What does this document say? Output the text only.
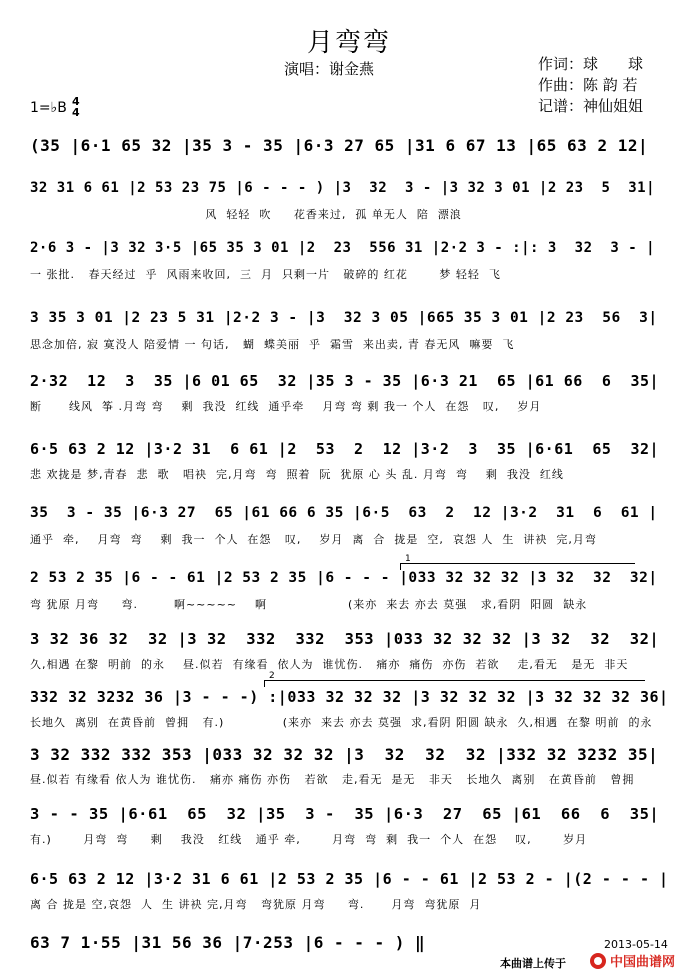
月弯弯
演唱：谢金燕	作词：球　　球
作曲：陈 韵 若
记谱：神仙姐姐
1=♭B 4
4
(35 |6·1 65 32 |35 3 - 35 |6·3 27 65 |31 6 67 13 |65 63 2 12|
32 31 6 61 |2 53 23 75 |6 - - - ) |3  32  3 - |3 32 3 01 |2 23  5  31|
风  轻轻  吹     花香来过,  孤 单无人  陪  漂浪
2·6 3 - |3 32 3·5 |65 35 3 01 |2  23  556 31 |2·2 3 - :|: 3  32  3 - |
一 张批.   春天经过  乎  风雨来收回,  三  月  只剩一片   破碎的 红花       梦 轻轻  飞
3 35 3 01 |2 23 5 31 |2·2 3 - |3  32 3 05 |665 35 3 01 |2 23  56  3|
思念加倍, 寂 寞没人 陪爱情 一 句话,   蝴  蝶美丽  乎  霜雪  来出卖, 青 春无风  嘛要  飞
2·32  12  3  35 |6 01 65  32 |35 3 - 35 |6·3 21  65 |61 66  6  35|
断      线风  筝 .月弯 弯    剩  我没  红线  通乎牵    月弯 弯 剩 我一 个人  在怨   叹,    岁月
6·5 63 2 12 |3·2 31  6 61 |2  53  2  12 |3·2  3  35 |6·61  65  32|
悲 欢拢是 梦,青春  悲  歌   唱袂  完,月弯  弯  照着  阮  犹原 心 头 乱. 月弯  弯    剩  我没  红线
35  3 - 35 |6·3 27  65 |61 66 6 35 |6·5  63  2  12 |3·2  31  6  61 |
通乎  牵,    月弯  弯    剩  我一  个人  在怨   叹,    岁月  离  合  拢是  空,  哀怨 人  生  讲袂  完,月弯
2 53 2 35 |6 - - 61 |2 53 2 35 |6 - - - |033 32 32 32 |3 32  32  32|
弯 犹原 月弯     弯.        啊~~~~~    啊                  (来亦  来去 亦去 莫强   求,看阴  阳圆  缺永
3 32 36 32  32 |3 32  332  332  353 |033 32 32 32 |3 32  32  32|
久,相遇 在黎  明前  的永    昼.似若  有缘看  依人为  谁忧伤.   痛亦  痛伤  亦伤  若欲    走,看无   是无  非天
332 32 3232 36 |3 - - -) :|033 32 32 32 |3 32 32 32 |3 32 32 32 36|
长地久  离别  在黄昏前  曾拥   有.)             (来亦  来去 亦去 莫强  求,看阴 阳圆 缺永  久,相遇  在黎 明前  的永
3 32 332 332 353 |033 32 32 32 |3  32  32  32 |332 32 3232 35|
昼.似若 有缘看 依人为 谁忧伤.   痛亦 痛伤 亦伤   若欲   走,看无  是无   非天   长地久  离别   在黄昏前   曾拥
3 - - 35 |6·61  65  32 |35  3 -  35 |6·3  27  65 |61  66  6  35|
有.)       月弯  弯     剩    我没   红线   通乎 牵,       月弯  弯  剩  我一  个人  在怨    叹,       岁月
6·5 63 2 12 |3·2 31 6 61 |2 53 2 35 |6 - - 61 |2 53 2 - |(2 - - - |
离 合 拢是 空,哀怨  人  生 讲袂 完,月弯   弯犹原 月弯     弯.      月弯  弯犹原  月
63 7 1·55 |31 56 36 |7·253 |6 - - - ) ‖
1
2
2013-05-14
本曲谱上传于	中国曲谱网
